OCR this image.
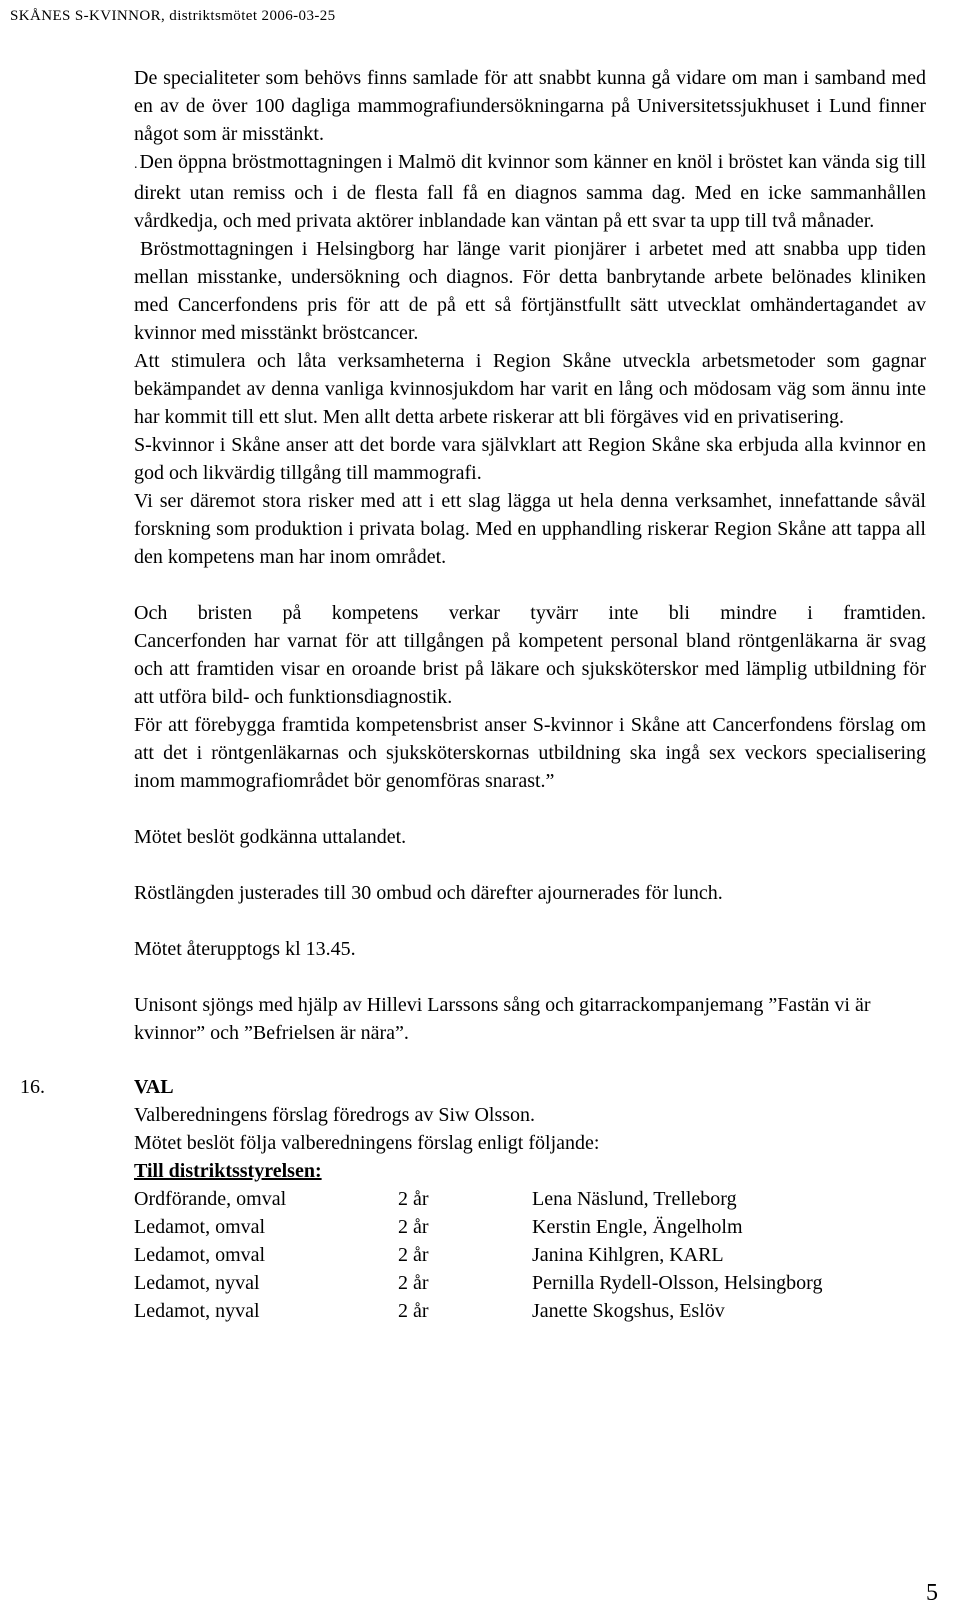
SKÅNES S-KVINNOR, distriktsmötet 2006-03-25

De specialiteter som behövs finns samlade för att snabbt kunna gå vidare om man i samband med en av de över 100 dagliga mammografiundersökningarna på Universitetssjukhuset i Lund finner något som är misstänkt.

. Den öppna bröstmottagningen i Malmö dit kvinnor som känner en knöl i bröstet kan vända sig till direkt utan remiss och i de flesta fall få en diagnos samma dag. Med en icke sammanhållen vårdkedja, och med privata aktörer inblandade kan väntan på ett svar ta upp till två månader.

Bröstmottagningen i Helsingborg har länge varit pionjärer i arbetet med att snabba upp tiden mellan misstanke, undersökning och diagnos. För detta banbrytande arbete belönades kliniken med Cancerfondens pris för att de på ett så förtjänstfullt sätt utvecklat omhändertagandet av kvinnor med misstänkt bröstcancer.

Att stimulera och låta verksamheterna i Region Skåne utveckla arbetsmetoder som gagnar bekämpandet av denna vanliga kvinnosjukdom har varit en lång och mödosam väg som ännu inte har kommit till ett slut. Men allt detta arbete riskerar att bli förgäves vid en privatisering.

S-kvinnor i Skåne anser att det borde vara självklart att Region Skåne ska erbjuda alla kvinnor en god och likvärdig tillgång till mammografi.

Vi ser däremot stora risker med att i ett slag lägga ut hela denna verksamhet, innefattande såväl forskning som produktion i privata bolag. Med en upphandling riskerar Region Skåne att tappa all den kompetens man har inom området.

Och bristen på kompetens verkar tyvärr inte bli mindre i framtiden.

Cancerfonden har varnat för att tillgången på kompetent personal bland röntgenläkarna är svag och att framtiden visar en oroande brist på läkare och sjuksköterskor med lämplig utbildning för att utföra bild- och funktionsdiagnostik.

För att förebygga framtida kompetensbrist anser S-kvinnor i Skåne att Cancerfondens förslag om att det i röntgenläkarnas och sjuksköterskornas utbildning ska ingå sex veckors specialisering inom mammografiområdet bör genomföras snarast.”

Mötet beslöt godkänna uttalandet.

Röstlängden justerades till 30 ombud och därefter ajournerades för lunch.

Mötet återupptogs kl 13.45.

Unisont sjöngs med hjälp av Hillevi Larssons sång och gitarrackompanjemang ”Fastän vi är kvinnor” och ”Befrielsen är nära”.

VAL
Valberedningens förslag föredrogs av Siw Olsson.
Mötet beslöt följa valberedningens förslag enligt följande:
Till distriktsstyrelsen:
Ordförande, omval	2 år	Lena Näslund, Trelleborg
Ledamot, omval	2 år	Kerstin Engle, Ängelholm
Ledamot, omval	2 år	Janina Kihlgren, KARL
Ledamot, nyval	2 år	Pernilla Rydell-Olsson, Helsingborg
Ledamot, nyval	2 år	Janette Skogshus, Eslöv
16.
5
